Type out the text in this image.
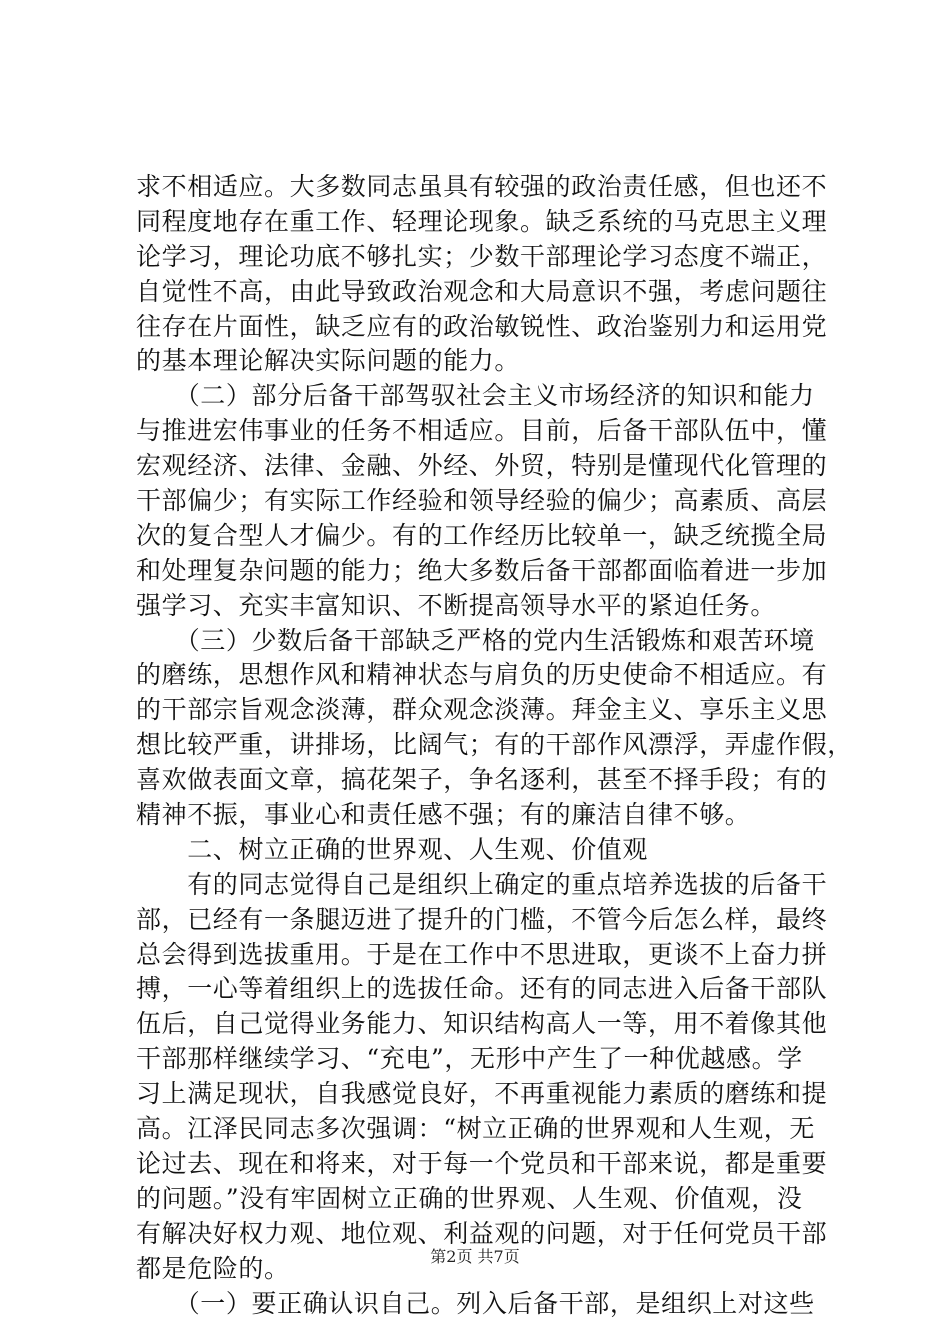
求不相适应。大多数同志虽具有较强的政治责任感，但也还不
同程度地存在重工作、轻理论现象。缺乏系统的马克思主义理
论学习，理论功底不够扎实；少数干部理论学习态度不端正，
自觉性不高，由此导致政治观念和大局意识不强，考虑问题往
往存在片面性，缺乏应有的政治敏锐性、政治鉴别力和运用党
的基本理论解决实际问题的能力。
　　（二）部分后备干部驾驭社会主义市场经济的知识和能力
与推进宏伟事业的任务不相适应。目前，后备干部队伍中，懂
宏观经济、法律、金融、外经、外贸，特别是懂现代化管理的
干部偏少；有实际工作经验和领导经验的偏少；高素质、高层
次的复合型人才偏少。有的工作经历比较单一，缺乏统揽全局
和处理复杂问题的能力；绝大多数后备干部都面临着进一步加
强学习、充实丰富知识、不断提高领导水平的紧迫任务。
　　（三）少数后备干部缺乏严格的党内生活锻炼和艰苦环境
的磨练，思想作风和精神状态与肩负的历史使命不相适应。有
的干部宗旨观念淡薄，群众观念淡薄。拜金主义、享乐主义思
想比较严重，讲排场，比阔气；有的干部作风漂浮，弄虚作假，
喜欢做表面文章，搞花架子，争名逐利，甚至不择手段；有的
精神不振，事业心和责任感不强；有的廉洁自律不够。
　　二、树立正确的世界观、人生观、价值观
　　有的同志觉得自己是组织上确定的重点培养选拔的后备干
部，已经有一条腿迈进了提升的门槛，不管今后怎么样，最终
总会得到选拔重用。于是在工作中不思进取，更谈不上奋力拼
搏，一心等着组织上的选拔任命。还有的同志进入后备干部队
伍后，自己觉得业务能力、知识结构高人一等，用不着像其他
干部那样继续学习、“充电”，无形中产生了一种优越感。学
习上满足现状，自我感觉良好，不再重视能力素质的磨练和提
高。江泽民同志多次强调：“树立正确的世界观和人生观，无
论过去、现在和将来，对于每一个党员和干部来说，都是重要
的问题。”没有牢固树立正确的世界观、人生观、价值观，没
有解决好权力观、地位观、利益观的问题，对于任何党员干部
都是危险的。
　　（一）要正确认识自己。列入后备干部，是组织上对这些
第2页 共7页
